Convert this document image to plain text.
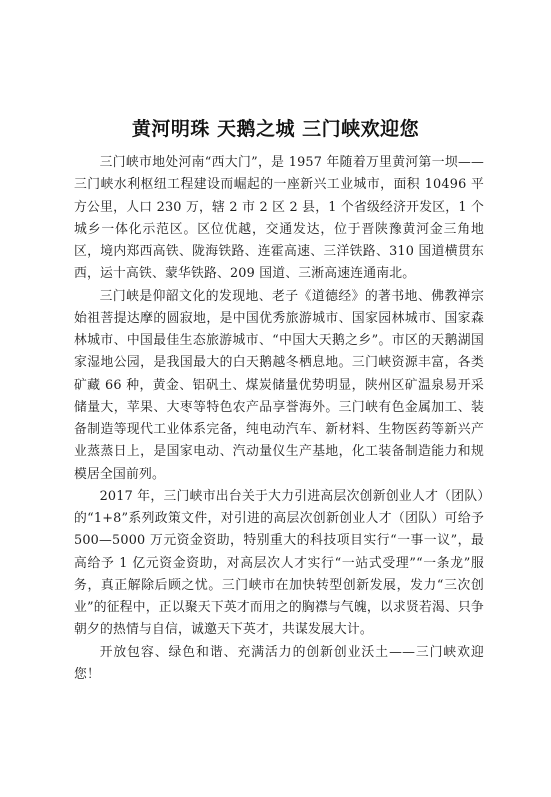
黄河明珠 天鹅之城 三门峡欢迎您

三门峡市地处河南“西大门”，是 1957 年随着万里黄河第一坝——三门峡水利枢纽工程建设而崛起的一座新兴工业城市，面积 10496 平方公里，人口 230 万，辖 2 市 2 区 2 县，1 个省级经济开发区，1 个城乡一体化示范区。区位优越，交通发达，位于晋陕豫黄河金三角地区，境内郑西高铁、陇海铁路、连霍高速、三洋铁路、310 国道横贯东西，运十高铁、蒙华铁路、209 国道、三淅高速连通南北。

三门峡是仰韶文化的发现地、老子《道德经》的著书地、佛教禅宗始祖菩提达摩的圆寂地，是中国优秀旅游城市、国家园林城市、国家森林城市、中国最佳生态旅游城市、“中国大天鹅之乡”。市区的天鹅湖国家湿地公园，是我国最大的白天鹅越冬栖息地。三门峡资源丰富，各类矿藏 66 种，黄金、铝矾土、煤炭储量优势明显，陕州区矿温泉易开采储量大，苹果、大枣等特色农产品享誉海外。三门峡有色金属加工、装备制造等现代工业体系完备，纯电动汽车、新材料、生物医药等新兴产业蒸蒸日上，是国家电动、汽动量仪生产基地，化工装备制造能力和规模居全国前列。

2017 年，三门峡市出台关于大力引进高层次创新创业人才（团队）的“1+8”系列政策文件，对引进的高层次创新创业人才（团队）可给予 500—5000 万元资金资助，特别重大的科技项目实行“一事一议”，最高给予 1 亿元资金资助，对高层次人才实行“一站式受理”“一条龙”服务，真正解除后顾之忧。三门峡市在加快转型创新发展，发力“三次创业”的征程中，正以聚天下英才而用之的胸襟与气魄，以求贤若渴、只争朝夕的热情与自信，诚邀天下英才，共谋发展大计。

开放包容、绿色和谐、充满活力的创新创业沃土——三门峡欢迎您！
